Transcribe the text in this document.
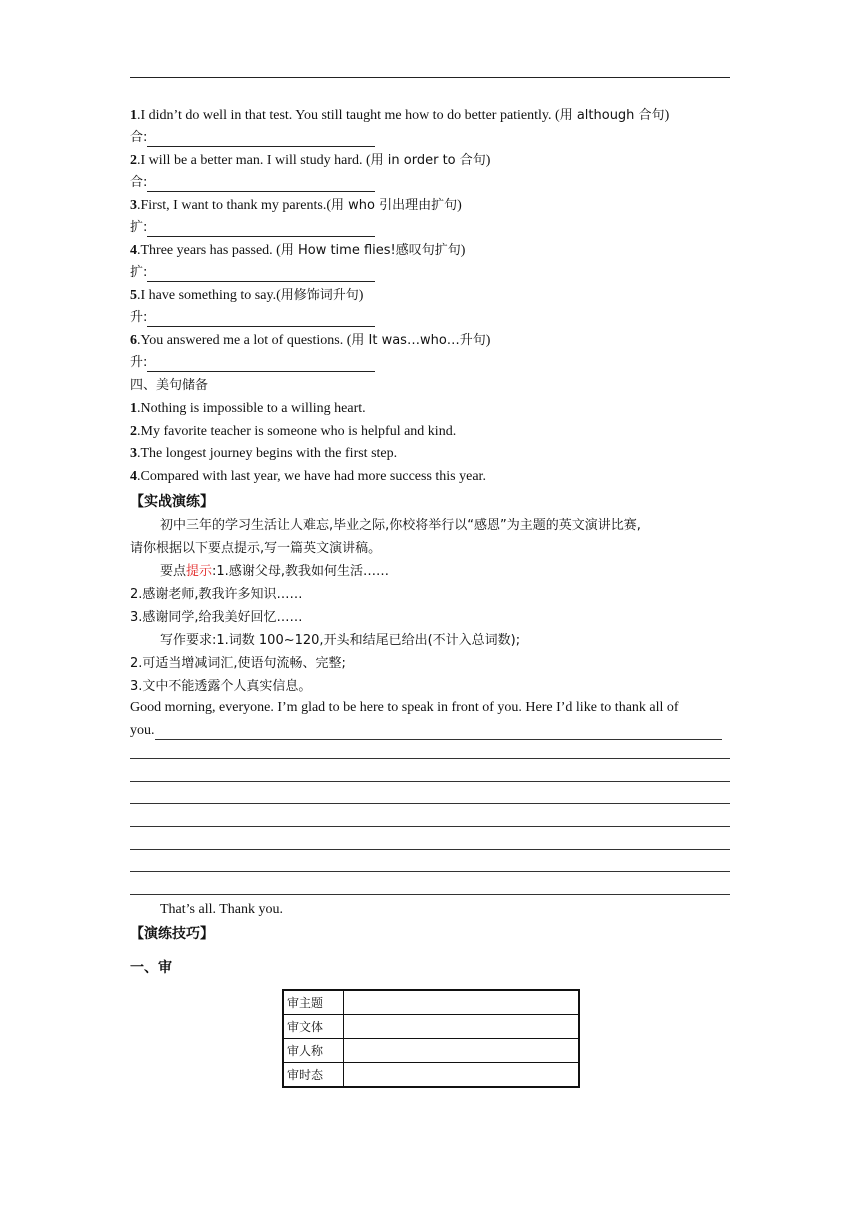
1.I didn’t do well in that test. You still taught me how to do better patiently. (用 although 合句)
合:
2.I will be a better man. I will study hard. (用 in order to 合句)
合:
3.First, I want to thank my parents.(用 who 引出理由扩句)
扩:
4.Three years has passed. (用 How time flies!感叹句扩句)
扩:
5.I have something to say.(用修饰词升句)
升:
6.You answered me a lot of questions. (用 It was…who…升句)
升:
四、美句储备
1.Nothing is impossible to a willing heart.
2.My favorite teacher is someone who is helpful and kind.
3.The longest journey begins with the first step.
4.Compared with last year, we have had more success this year.
【实战演练】
初中三年的学习生活让人难忘,毕业之际,你校将举行以“感恩”为主题的英文演讲比赛,
请你根据以下要点提示,写一篇英文演讲稿。
要点提示:1.感谢父母,教我如何生活……
2.感谢老师,教我许多知识……
3.感谢同学,给我美好回忆……
写作要求:1.词数 100~120,开头和结尾已给出(不计入总词数);
2.可适当增减词汇,使语句流畅、完整;
3.文中不能透露个人真实信息。
Good morning, everyone. I’m glad to be here to speak in front of you. Here I’d like to thank all of
you.
That’s all. Thank you.
【演练技巧】
一、审
审主题	
审文体	
审人称	
审时态	
